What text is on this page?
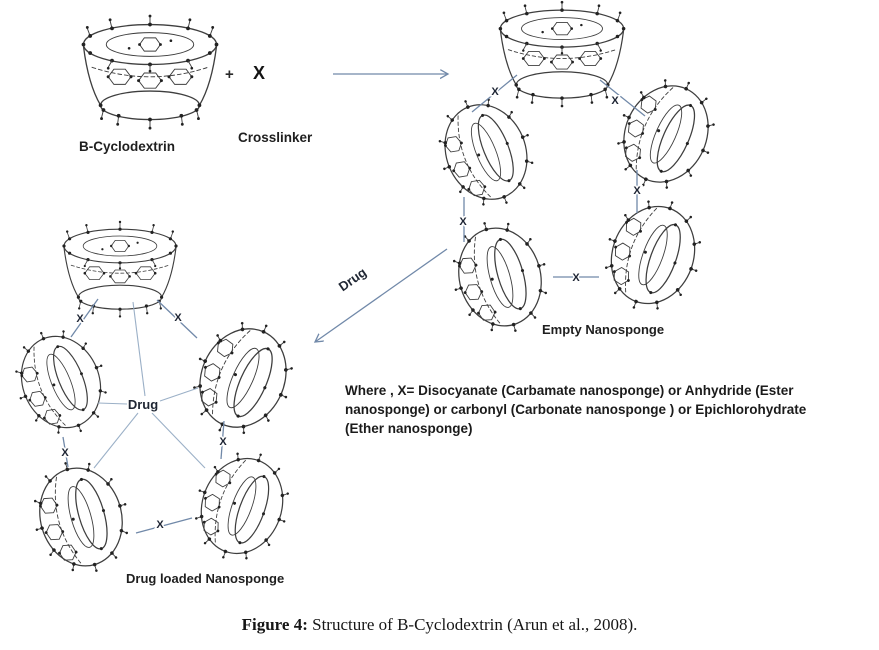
X
X
X
X
X
Drug
X	X
X
X
X
Drug
B-Cyclodextrin
+ X
Crosslinker
Empty Nanosponge
Drug loaded Nanosponge
Where , X= Disocyanate (Carbamate nanosponge) or Anhydride (Ester
nanosponge) or carbonyl (Carbonate nanosponge ) or Epichlorohydrate
(Ether nanosponge)
Figure 4: Structure of B-Cyclodextrin (Arun et al., 2008).
